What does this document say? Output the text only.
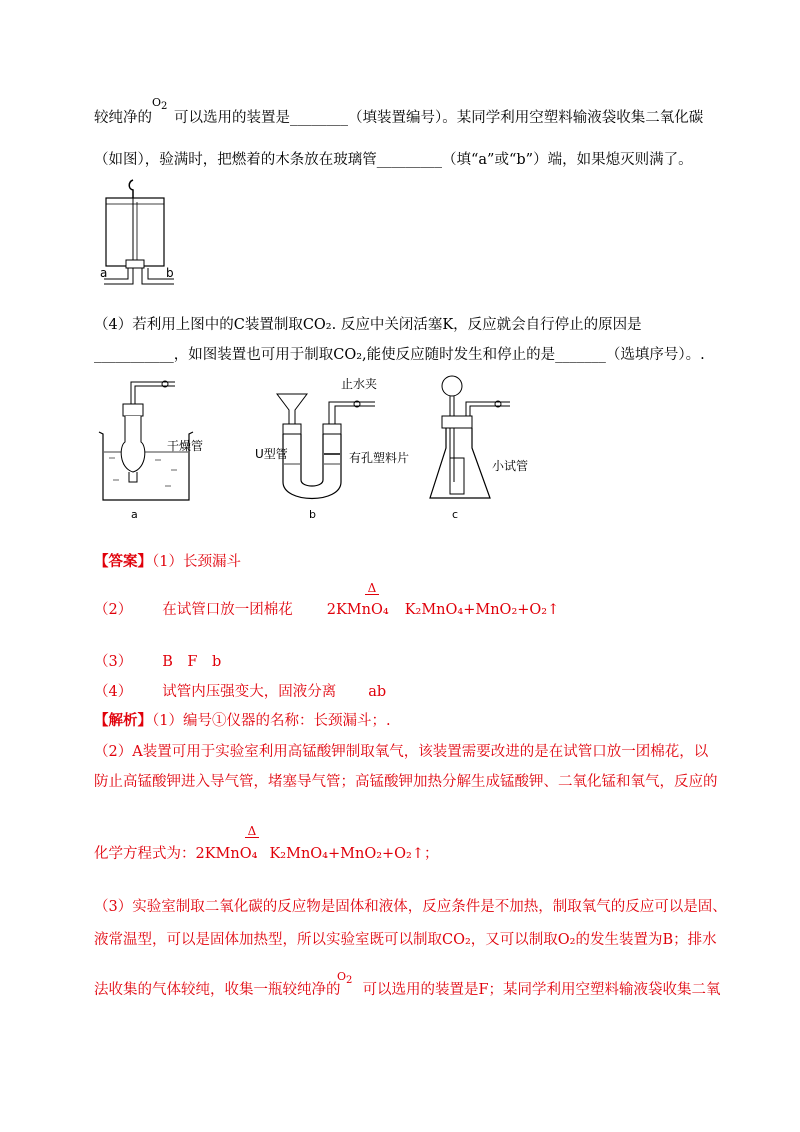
O2
较纯净的 可以选用的装置是________（填装置编号）。某同学利用空塑料输液袋收集二氧化碳
（如图），验满时，把燃着的木条放在玻璃管_________（填“a”或“b”）端，如果熄灭则满了。
a	b
（4）若利用上图中的C装置制取CO₂. 反应中关闭活塞K，反应就会自行停止的原因是
___________，如图装置也可用于制取CO₂,能使反应随时发生和停止的是_______（选填序号）。.
干燥管
a
止水夹
U型管	有孔塑料片
b
小试管
c
【答案】（1）长颈漏斗
Δ
（2） 在试管口放一团棉花 2KMnO₄ K₂MnO₄+MnO₂+O₂↑
（3） B　F　b
（4） 试管内压强变大，固液分离 ab
【解析】（1）编号①仪器的名称：长颈漏斗；.
（2）A装置可用于实验室利用高锰酸钾制取氧气，该装置需要改进的是在试管口放一团棉花，以
防止高锰酸钾进入导气管，堵塞导气管；高锰酸钾加热分解生成锰酸钾、二氧化锰和氧气，反应的
Δ
化学方程式为：2KMnO₄ K₂MnO₄+MnO₂+O₂↑；
（3）实验室制取二氧化碳的反应物是固体和液体，反应条件是不加热，制取氧气的反应可以是固、
液常温型，可以是固体加热型，所以实验室既可以制取CO₂，又可以制取O₂的发生装置为B；排水
O2
法收集的气体较纯，收集一瓶较纯净的 可以选用的装置是F；某同学利用空塑料输液袋收集二氧
